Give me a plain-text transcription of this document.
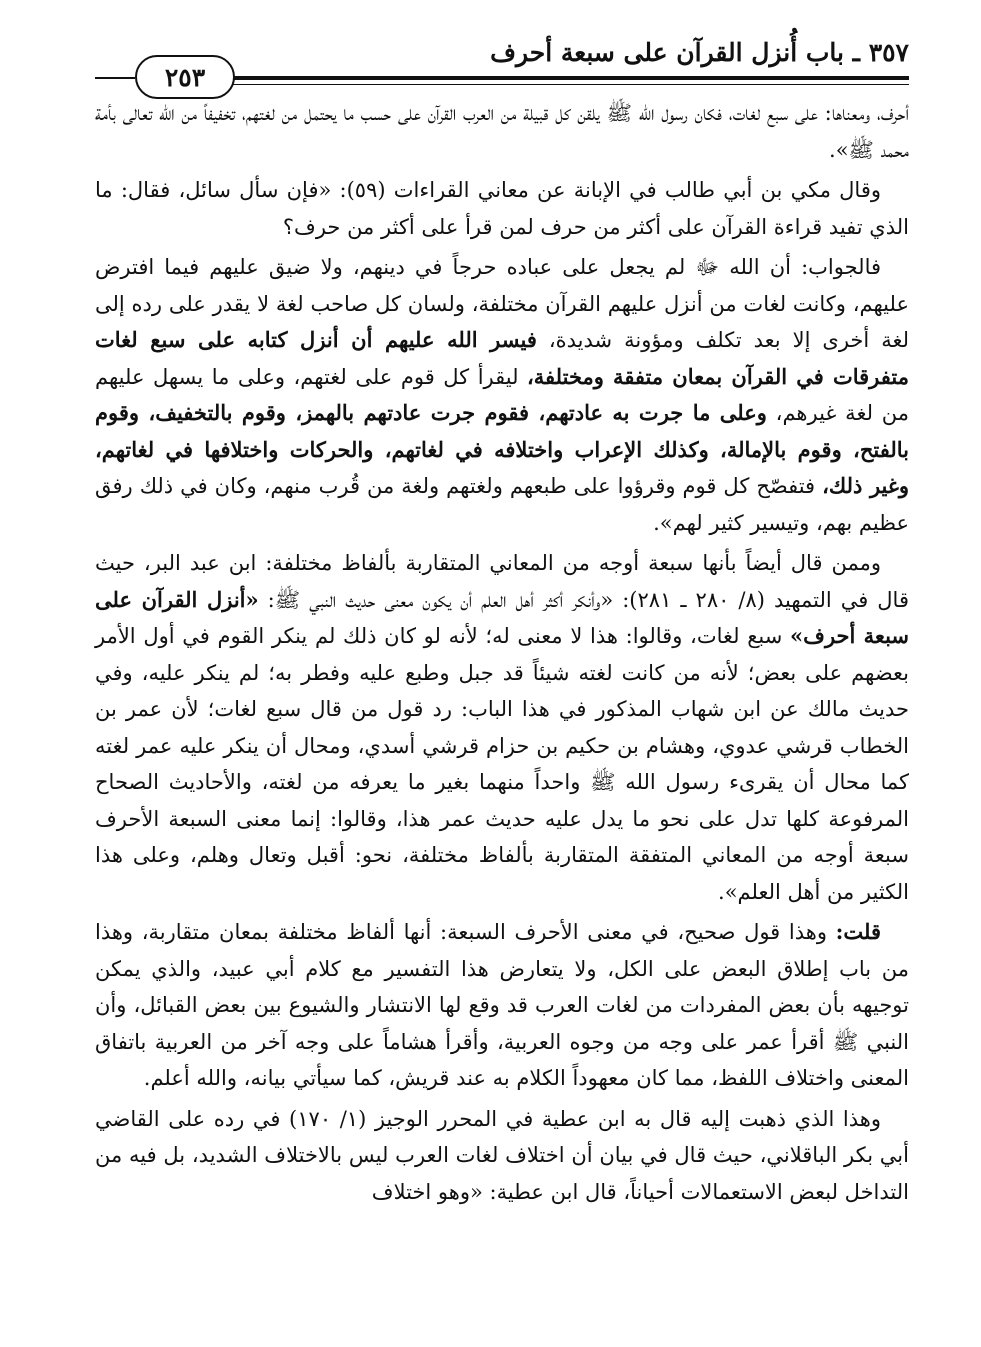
٣٥٧ ـ باب أُنزل القرآن على سبعة أحرف
٢٥٣

أحرف، ومعناها: على سبع لغات، فكان رسول الله ﷺ يلقن كل قبيلة من العرب القرآن على حسب ما يحتمل من لغتهم، تخفيفاً من الله تعالى بأمة محمد ﷺ».

وقال مكي بن أبي طالب في الإبانة عن معاني القراءات (٥٩): «فإن سأل سائل، فقال: ما الذي تفيد قراءة القرآن على أكثر من حرف لمن قرأ على أكثر من حرف؟

فالجواب: أن الله ﷻ لم يجعل على عباده حرجاً في دينهم، ولا ضيق عليهم فيما افترض عليهم، وكانت لغات من أنزل عليهم القرآن مختلفة، ولسان كل صاحب لغة لا يقدر على رده إلى لغة أخرى إلا بعد تكلف ومؤونة شديدة، فيسر الله عليهم أن أنزل كتابه على سبع لغات متفرقات في القرآن بمعان متفقة ومختلفة، ليقرأ كل قوم على لغتهم، وعلى ما يسهل عليهم من لغة غيرهم، وعلى ما جرت به عادتهم، فقوم جرت عادتهم بالهمز، وقوم بالتخفيف، وقوم بالفتح، وقوم بالإمالة، وكذلك الإعراب واختلافه في لغاتهم، والحركات واختلافها في لغاتهم، وغير ذلك، فتفصّح كل قوم وقرؤوا على طبعهم ولغتهم ولغة من قُرب منهم، وكان في ذلك رفق عظيم بهم، وتيسير كثير لهم».

وممن قال أيضاً بأنها سبعة أوجه من المعاني المتقاربة بألفاظ مختلفة: ابن عبد البر، حيث قال في التمهيد (٨/ ٢٨٠ ـ ٢٨١): «وأنكر أكثر أهل العلم أن يكون معنى حديث النبي ﷺ: «أنزل القرآن على سبعة أحرف» سبع لغات، وقالوا: هذا لا معنى له؛ لأنه لو كان ذلك لم ينكر القوم في أول الأمر بعضهم على بعض؛ لأنه من كانت لغته شيئاً قد جبل وطبع عليه وفطر به؛ لم ينكر عليه، وفي حديث مالك عن ابن شهاب المذكور في هذا الباب: رد قول من قال سبع لغات؛ لأن عمر بن الخطاب قرشي عدوي، وهشام بن حكيم بن حزام قرشي أسدي، ومحال أن ينكر عليه عمر لغته كما محال أن يقرىء رسول الله ﷺ واحداً منهما بغير ما يعرفه من لغته، والأحاديث الصحاح المرفوعة كلها تدل على نحو ما يدل عليه حديث عمر هذا، وقالوا: إنما معنى السبعة الأحرف سبعة أوجه من المعاني المتفقة المتقاربة بألفاظ مختلفة، نحو: أقبل وتعال وهلم، وعلى هذا الكثير من أهل العلم».

قلت: وهذا قول صحيح، في معنى الأحرف السبعة: أنها ألفاظ مختلفة بمعان متقاربة، وهذا من باب إطلاق البعض على الكل، ولا يتعارض هذا التفسير مع كلام أبي عبيد، والذي يمكن توجيهه بأن بعض المفردات من لغات العرب قد وقع لها الانتشار والشيوع بين بعض القبائل، وأن النبي ﷺ أقرأ عمر على وجه من وجوه العربية، وأقرأ هشاماً على وجه آخر من العربية باتفاق المعنى واختلاف اللفظ، مما كان معهوداً الكلام به عند قريش، كما سيأتي بيانه، والله أعلم.

وهذا الذي ذهبت إليه قال به ابن عطية في المحرر الوجيز (١/ ١٧٠) في رده على القاضي أبي بكر الباقلاني، حيث قال في بيان أن اختلاف لغات العرب ليس بالاختلاف الشديد، بل فيه من التداخل لبعض الاستعمالات أحياناً، قال ابن عطية: «وهو اختلاف
